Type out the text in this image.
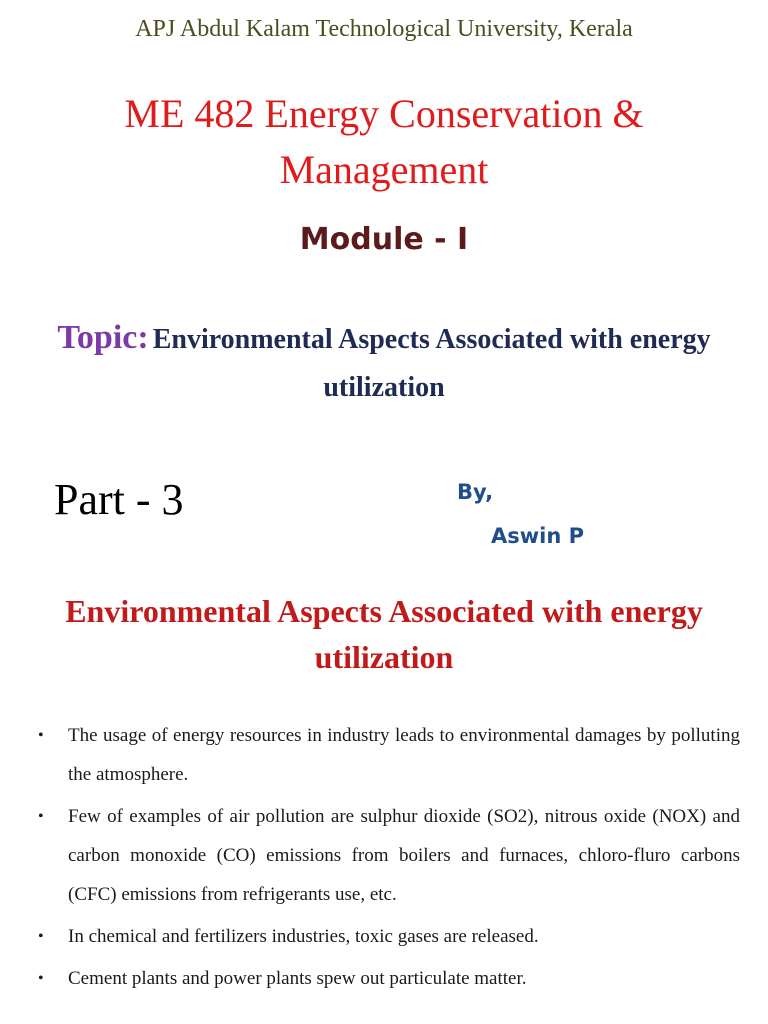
APJ Abdul Kalam Technological University, Kerala
ME 482 Energy Conservation & Management
Module - I
Topic: Environmental Aspects Associated with energy utilization
Part - 3	By,
Aswin P
Environmental Aspects Associated with energy utilization
• The usage of energy resources in industry leads to environmental damages by polluting the atmosphere.
• Few of examples of air pollution are sulphur dioxide (SO2), nitrous oxide (NOX) and carbon monoxide (CO) emissions from boilers and furnaces, chloro-fluro carbons (CFC) emissions from refrigerants use, etc.
• In chemical and fertilizers industries, toxic gases are released.
• Cement plants and power plants spew out particulate matter.
